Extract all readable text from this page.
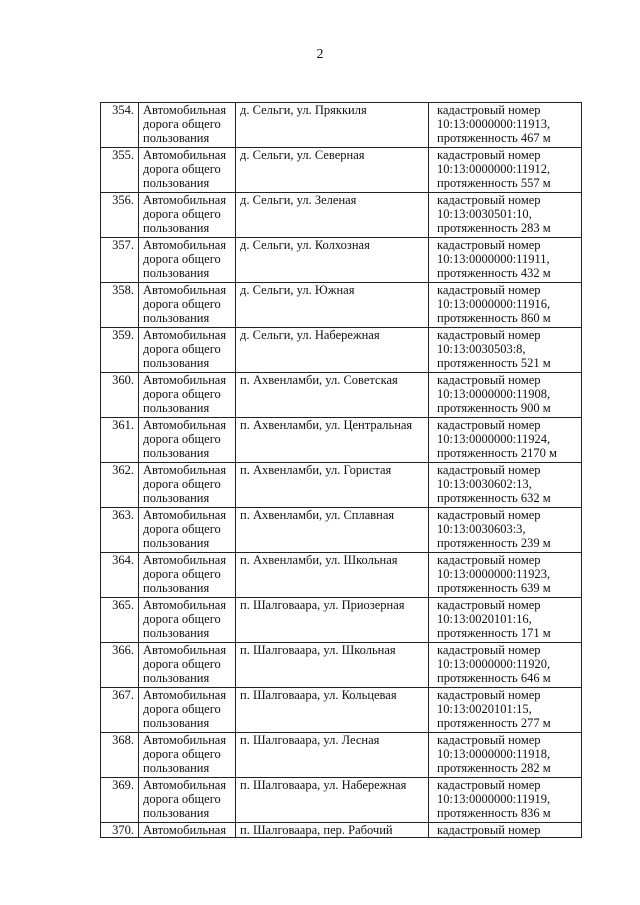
2
354.	Автомобильная
дорога общего
пользования	д. Сельги, ул. Пряккиля	кадастровый номер
10:13:0000000:11913,
протяженность 467 м
355.	Автомобильная
дорога общего
пользования	д. Сельги, ул. Северная	кадастровый номер
10:13:0000000:11912,
протяженность 557 м
356.	Автомобильная
дорога общего
пользования	д. Сельги, ул. Зеленая	кадастровый номер
10:13:0030501:10,
протяженность 283 м
357.	Автомобильная
дорога общего
пользования	д. Сельги, ул. Колхозная	кадастровый номер
10:13:0000000:11911,
протяженность 432 м
358.	Автомобильная
дорога общего
пользования	д. Сельги, ул. Южная	кадастровый номер
10:13:0000000:11916,
протяженность 860 м
359.	Автомобильная
дорога общего
пользования	д. Сельги, ул. Набережная	кадастровый номер
10:13:0030503:8,
протяженность 521 м
360.	Автомобильная
дорога общего
пользования	п. Ахвенламби, ул. Советская	кадастровый номер
10:13:0000000:11908,
протяженность 900 м
361.	Автомобильная
дорога общего
пользования	п. Ахвенламби, ул. Центральная	кадастровый номер
10:13:0000000:11924,
протяженность 2170 м
362.	Автомобильная
дорога общего
пользования	п. Ахвенламби, ул. Гористая	кадастровый номер
10:13:0030602:13,
протяженность 632 м
363.	Автомобильная
дорога общего
пользования	п. Ахвенламби, ул. Сплавная	кадастровый номер
10:13:0030603:3,
протяженность 239 м
364.	Автомобильная
дорога общего
пользования	п. Ахвенламби, ул. Школьная	кадастровый номер
10:13:0000000:11923,
протяженность 639 м
365.	Автомобильная
дорога общего
пользования	п. Шалговаара, ул. Приозерная	кадастровый номер
10:13:0020101:16,
протяженность 171 м
366.	Автомобильная
дорога общего
пользования	п. Шалговаара, ул. Школьная	кадастровый номер
10:13:0000000:11920,
протяженность 646 м
367.	Автомобильная
дорога общего
пользования	п. Шалговаара, ул. Кольцевая	кадастровый номер
10:13:0020101:15,
протяженность 277 м
368.	Автомобильная
дорога общего
пользования	п. Шалговаара, ул. Лесная	кадастровый номер
10:13:0000000:11918,
протяженность 282 м
369.	Автомобильная
дорога общего
пользования	п. Шалговаара, ул. Набережная	кадастровый номер
10:13:0000000:11919,
протяженность 836 м
370.	Автомобильная	п. Шалговаара, пер. Рабочий	кадастровый номер
